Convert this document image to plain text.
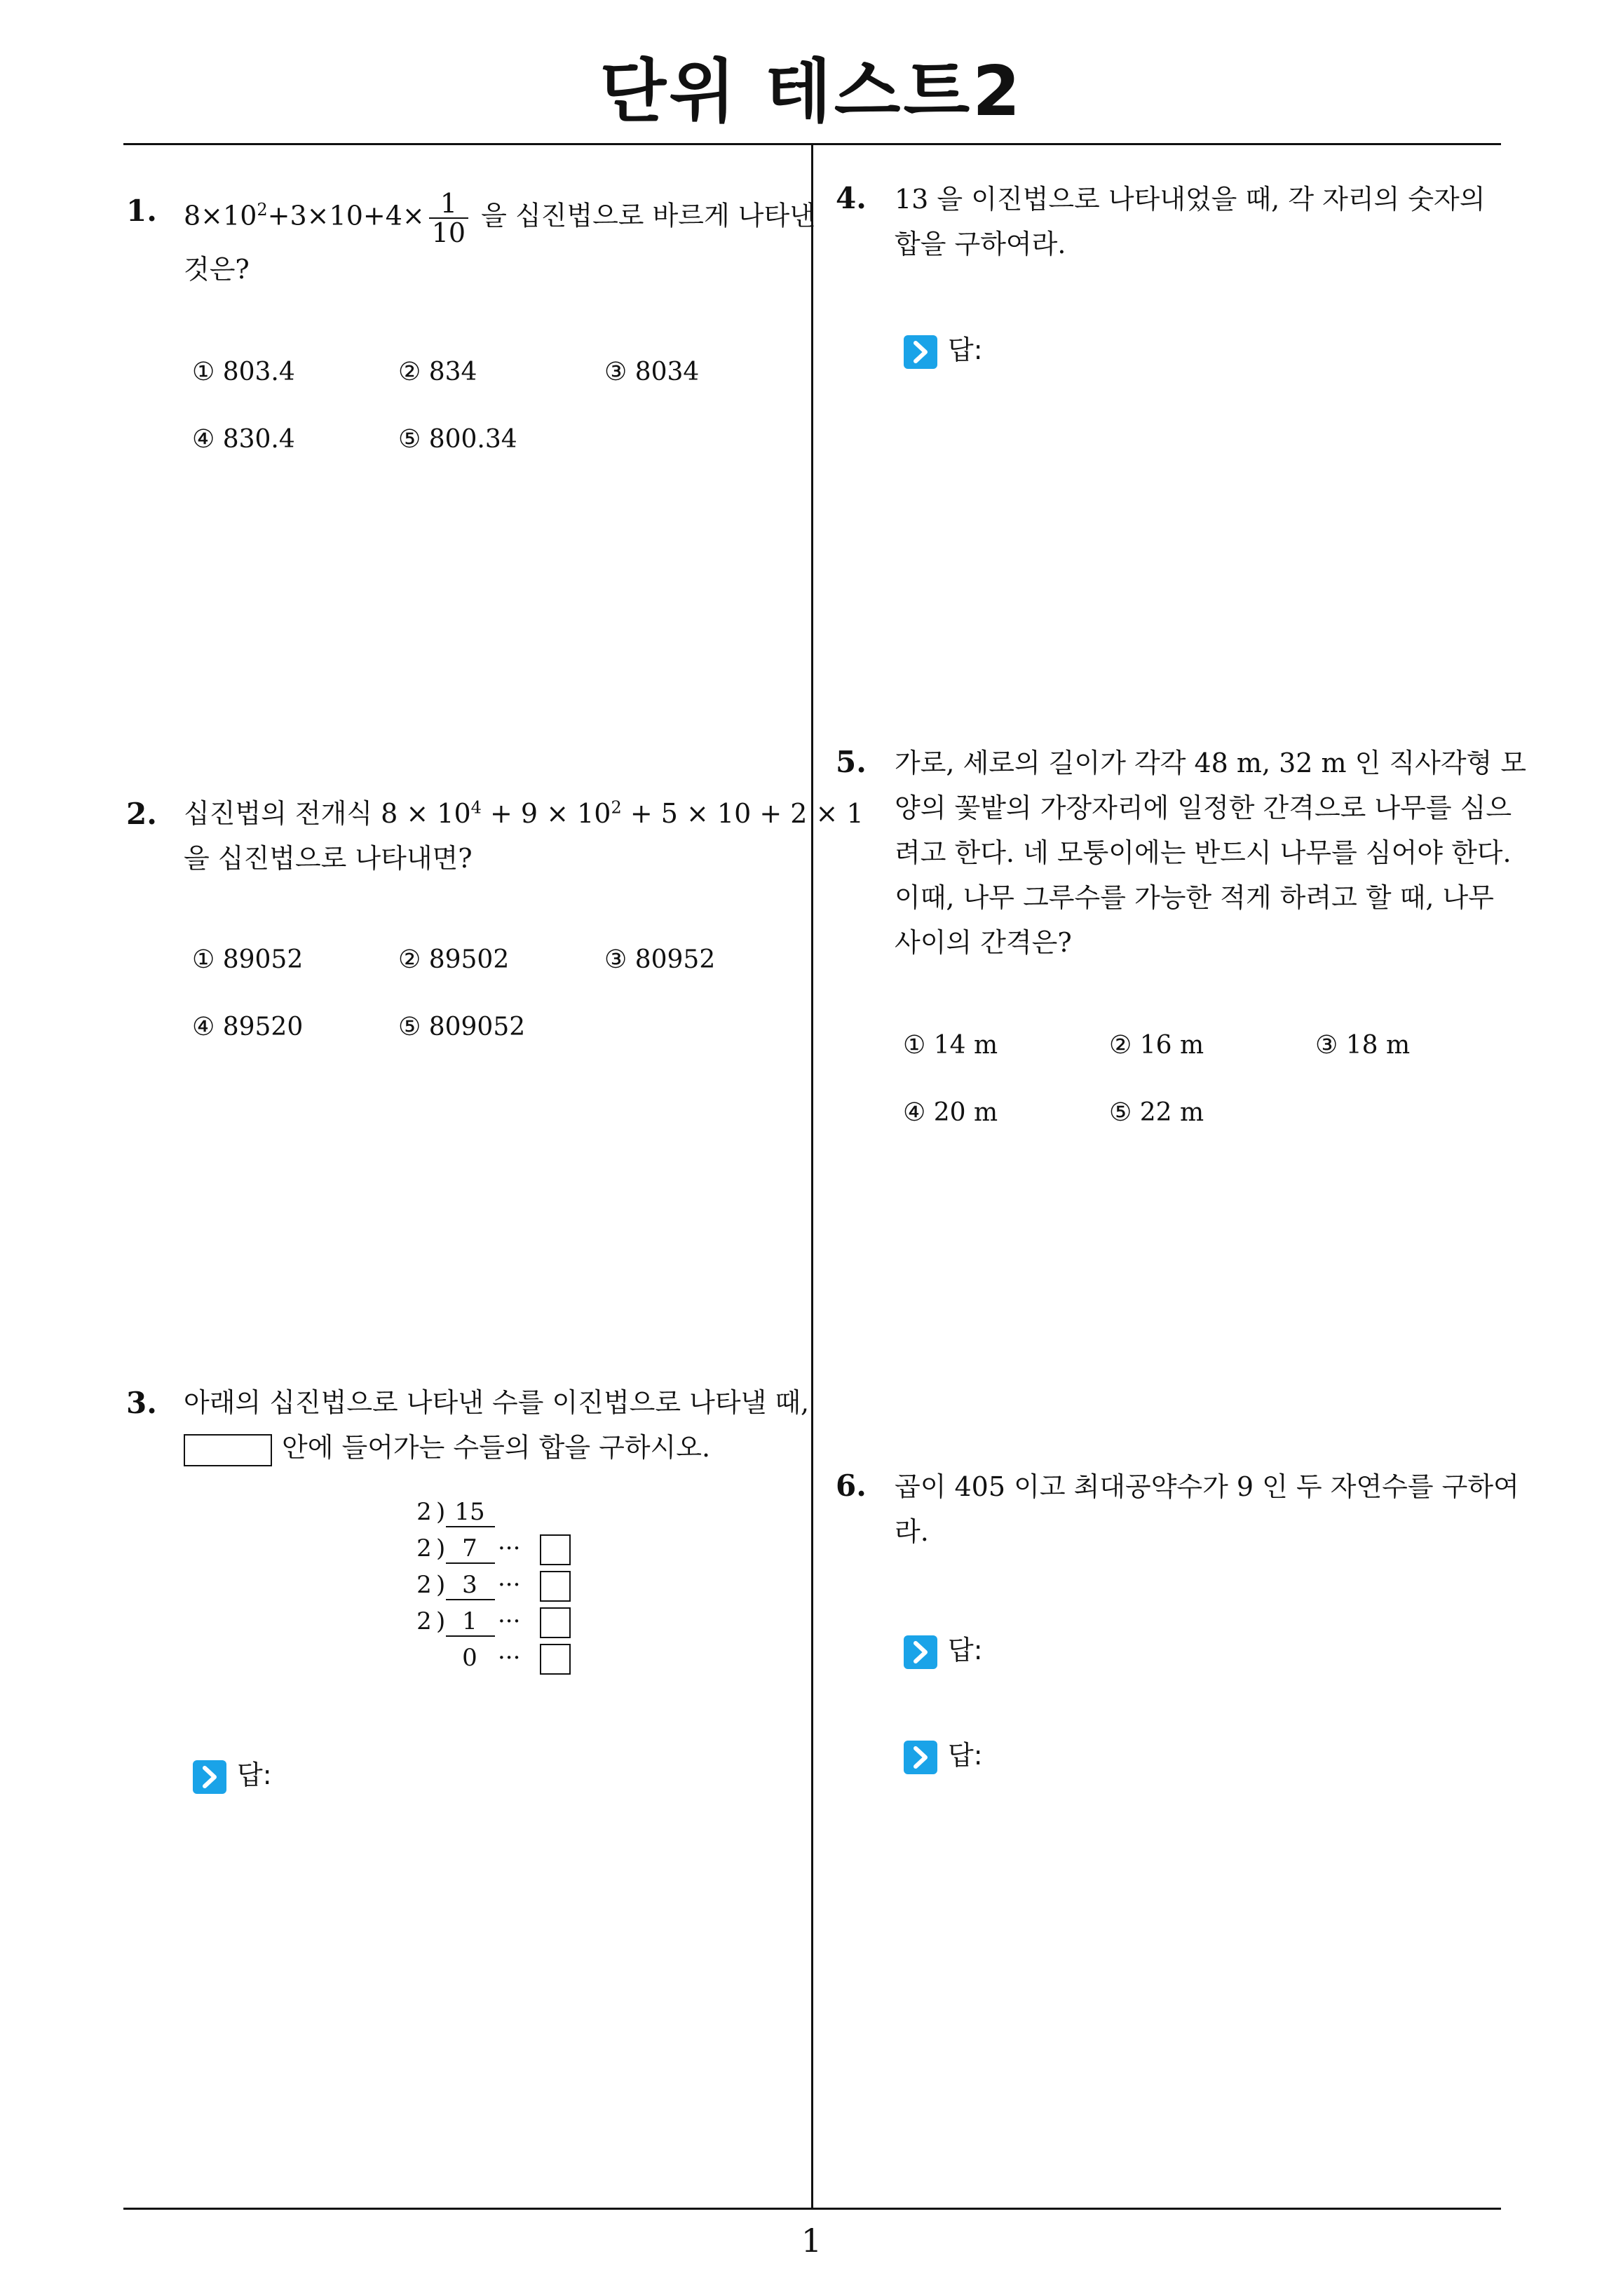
단위 테스트2
1
1. $8\times 10^2+3\times 10+4\times \frac{1}{10}$ 을 십진법으로 바르게 나타낸
것은?
① 803.4	② 834	③ 8034
④ 830.4	⑤ 800.34
2. 십진법의 전개식 $8 \times 10^4 + 9 \times 10^2 + 5 \times 10 + 2 \times 1$
을 십진법으로 나타내면?
① 89052	② 89502	③ 80952
④ 89520	⑤ 809052
3. 아래의 십진법으로 나타낸 수를 이진법으로 나타낼 때,
안에 들어가는 수들의 합을 구하시오.
2 ) 15
2 ) 7 ···
2 ) 3 ···
2 ) 1 ···
0 ···
답:
4. 13 을 이진법으로 나타내었을 때, 각 자리의 숫자의
합을 구하여라.
답:
5. 가로, 세로의 길이가 각각 48 m, 32 m 인 직사각형 모
양의 꽃밭의 가장자리에 일정한 간격으로 나무를 심으
려고 한다. 네 모퉁이에는 반드시 나무를 심어야 한다.
이때, 나무 그루수를 가능한 적게 하려고 할 때, 나무
사이의 간격은?
① 14 m	② 16 m	③ 18 m
④ 20 m	⑤ 22 m
6. 곱이 405 이고 최대공약수가 9 인 두 자연수를 구하여
라.
답:
답:
